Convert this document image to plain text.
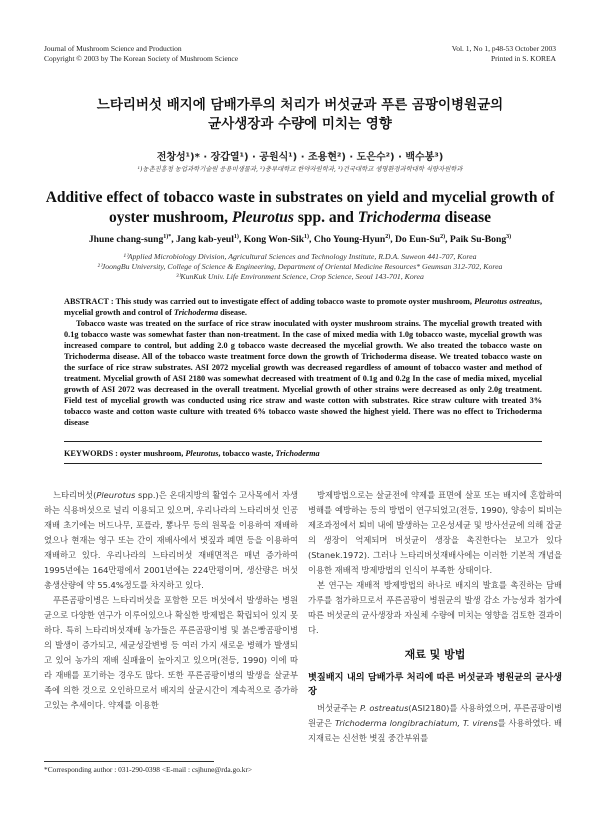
Journal of Mushroom Science and Production
Copyright © 2003 by The Korean Society of Mushroom Science
Vol. 1, No 1, p48-53 October 2003
Printed in S. KOREA
느타리버섯 배지에 담배가루의 처리가 버섯균과 푸른 곰팡이병원균의
균사생장과 수량에 미치는 영향
전창성¹)* · 장갑열¹) · 공원식¹) · 조용현²) · 도은수²) · 백수봉³)
¹)농촌진흥청 농업과학기술원 응용미생물과, ²)충부대학교 한약자원학과, ³)건국대학교 생명환경과학대학 식량자원학과
Additive effect of tobacco waste in substrates on yield and mycelial growth of
oyster mushroom, Pleurotus spp. and Trichoderma disease
Jhune chang-sung$^{1)*}$, Jang kab-yeul$^{1)}$, Kong Won-Sik$^{1)}$, Cho Young-Hyun$^{2)}$, Do Eun-Su$^{2)}$, Paik Su-Bong$^{3)}$
¹⁾Applied Microbiology Division, Agricultural Sciences and Technology Institute, R.D.A. Suweon 441-707, Korea
²⁾JoongBu University, College of Science & Engineering, Department of Oriental Medicine Resources* Geumsan 312-702, Korea
³⁾KunKuk Univ. Life Environment Science, Crop Science, Seoul 143-701, Korea

ABSTRACT : This study was carried out to investigate effect of adding tobacco waste to promote oyster mushroom, Pleurotus ostreatus, mycelial growth and control of Trichoderma disease.

Tobacco waste was treated on the surface of rice straw inoculated with oyster mushroom strains. The mycelial growth treated with 0.1g tobacco waste was somewhat faster than non-treatment. In the case of mixed media with 1.0g tobacco waste, mycelial growth was increased compare to control, but adding 2.0 g tobacco waste decreased the mycelial growth. We also treated the tobacco waste on Trichoderma disease. All of the tobacco waste treatment force down the growth of Trichoderma disease. We treated tobacco waste on the surface of rice straw substrates. ASI 2072 mycelial growth was decreased regardless of amount of tobacco waster and method of treatment. Mycelial growth of ASI 2180 was somewhat decreased with treatment of 0.1g and 0.2g In the case of media mixed, mycelial growth of ASI 2072 was decreased in the overall treatment. Mycelial growth of other strains were decreased as only 2.0g treatment. Field test of mycelial growth was conducted using rice straw and waste cotton with substrates. Rice straw culture with treated 3% tobacco waste and cotton waste culture with treated 6% tobacco waste showed the highest yield. There was no effect to Trichoderma disease

KEYWORDS : oyster mushroom, Pleurotus, tobacco waste, Trichoderma

느타리버섯(Pleurotus spp.)은 온대지방의 활엽수 고사목에서 자생하는 식용버섯으로 널리 이용되고 있으며, 우리나라의 느타리버섯 인공재배 초기에는 버드나무, 포플라, 뽕나무 등의 원목을 이용하여 재배하였으나 현재는 영구 또는 간이 재배사에서 볏짚과 폐면 등을 이용하여 재배하고 있다. 우리나라의 느타리버섯 재배면적은 매년 증가하여 1995년에는 164만평에서 2001년에는 224만평이며, 생산량은 버섯 총생산량에 약 55.4%정도를 차지하고 있다.

푸른곰팡이병은 느타리버섯을 포함한 모든 버섯에서 발생하는 병원균으로 다양한 연구가 이루어있으나 확실한 방제법은 확립되어 있지 못하다. 특히 느타리버섯재배 농가들은 푸른곰팡이병 및 붉은빵곰팡이병의 발생이 증가되고, 세균성갈변병 등 여러 가지 새로운 병해가 발생되고 있어 농가의 재배 실패율이 높아지고 있으며(전등, 1990) 이에 따라 재배를 포기하는 경우도 많다. 또한 푸른곰팡이병의 발생을 살균부족에 의한 것으로 오인하므로서 배지의 살균시간이 계속적으로 증가하고있는 추세이다. 약제를 이용한

방제방법으로는 살균전에 약제를 표면에 살포 또는 배지에 혼합하여 병해를 예방하는 등의 방법이 연구되었고(전등, 1990), 양송이 퇴비는 제조과정에서 퇴비 내에 발생하는 고온성세균 및 방사선균에 의해 잡균의 생장이 억제되며 버섯균이 생장을 촉진한다는 보고가 있다(Stanek.1972). 그러나 느타리버섯재배사에는 이러한 기본적 개념을 이용한 재배적 방제방법의 인식이 부족한 상태이다.

본 연구는 재배적 방제방법의 하나로 배지의 발효를 촉진하는 담배가루를 첨가하므로서 푸른곰팡이 병원균의 발생 감소 가능성과 첨가에 따른 버섯균의 균사생장과 자실체 수량에 미치는 영향을 검토한 결과이다.

재료 및 방법
볏짚배지 내의 담배가루 처리에 따른 버섯균과 병원균의 균사생장

버섯균주는 P. ostreatus(ASI2180)를 사용하였으며, 푸른곰팡이병원균은 Trichoderma longibrachiatum, T. virens를 사용하였다. 배지재료는 신선한 볏짚 중간부위를

*Corresponding author : 031-290-0398 <E-mail : csjhune@rda.go.kr>
